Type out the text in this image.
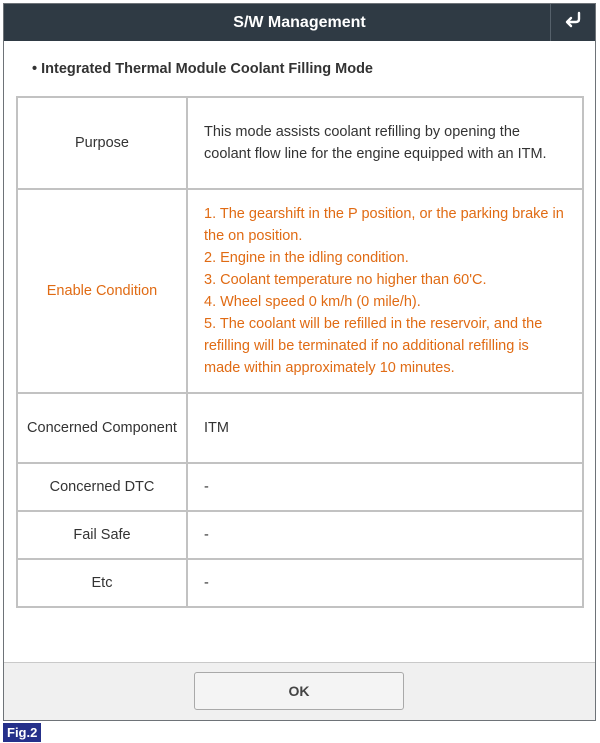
S/W Management
• Integrated Thermal Module Coolant Filling Mode
Purpose	This mode assists coolant refilling by opening the coolant flow line for the engine equipped with an ITM.
Enable Condition	1. The gearshift in the P position, or the parking brake in the on position.
2. Engine in the idling condition.
3. Coolant temperature no higher than 60'C.
4. Wheel speed 0 km/h (0 mile/h).
5. The coolant will be refilled in the reservoir, and the refilling will be terminated if no additional refilling is made within approximately 10 minutes.

Concerned Component	ITM
Concerned DTC	-
Fail Safe	-
Etc	-
OK
Fig.2
